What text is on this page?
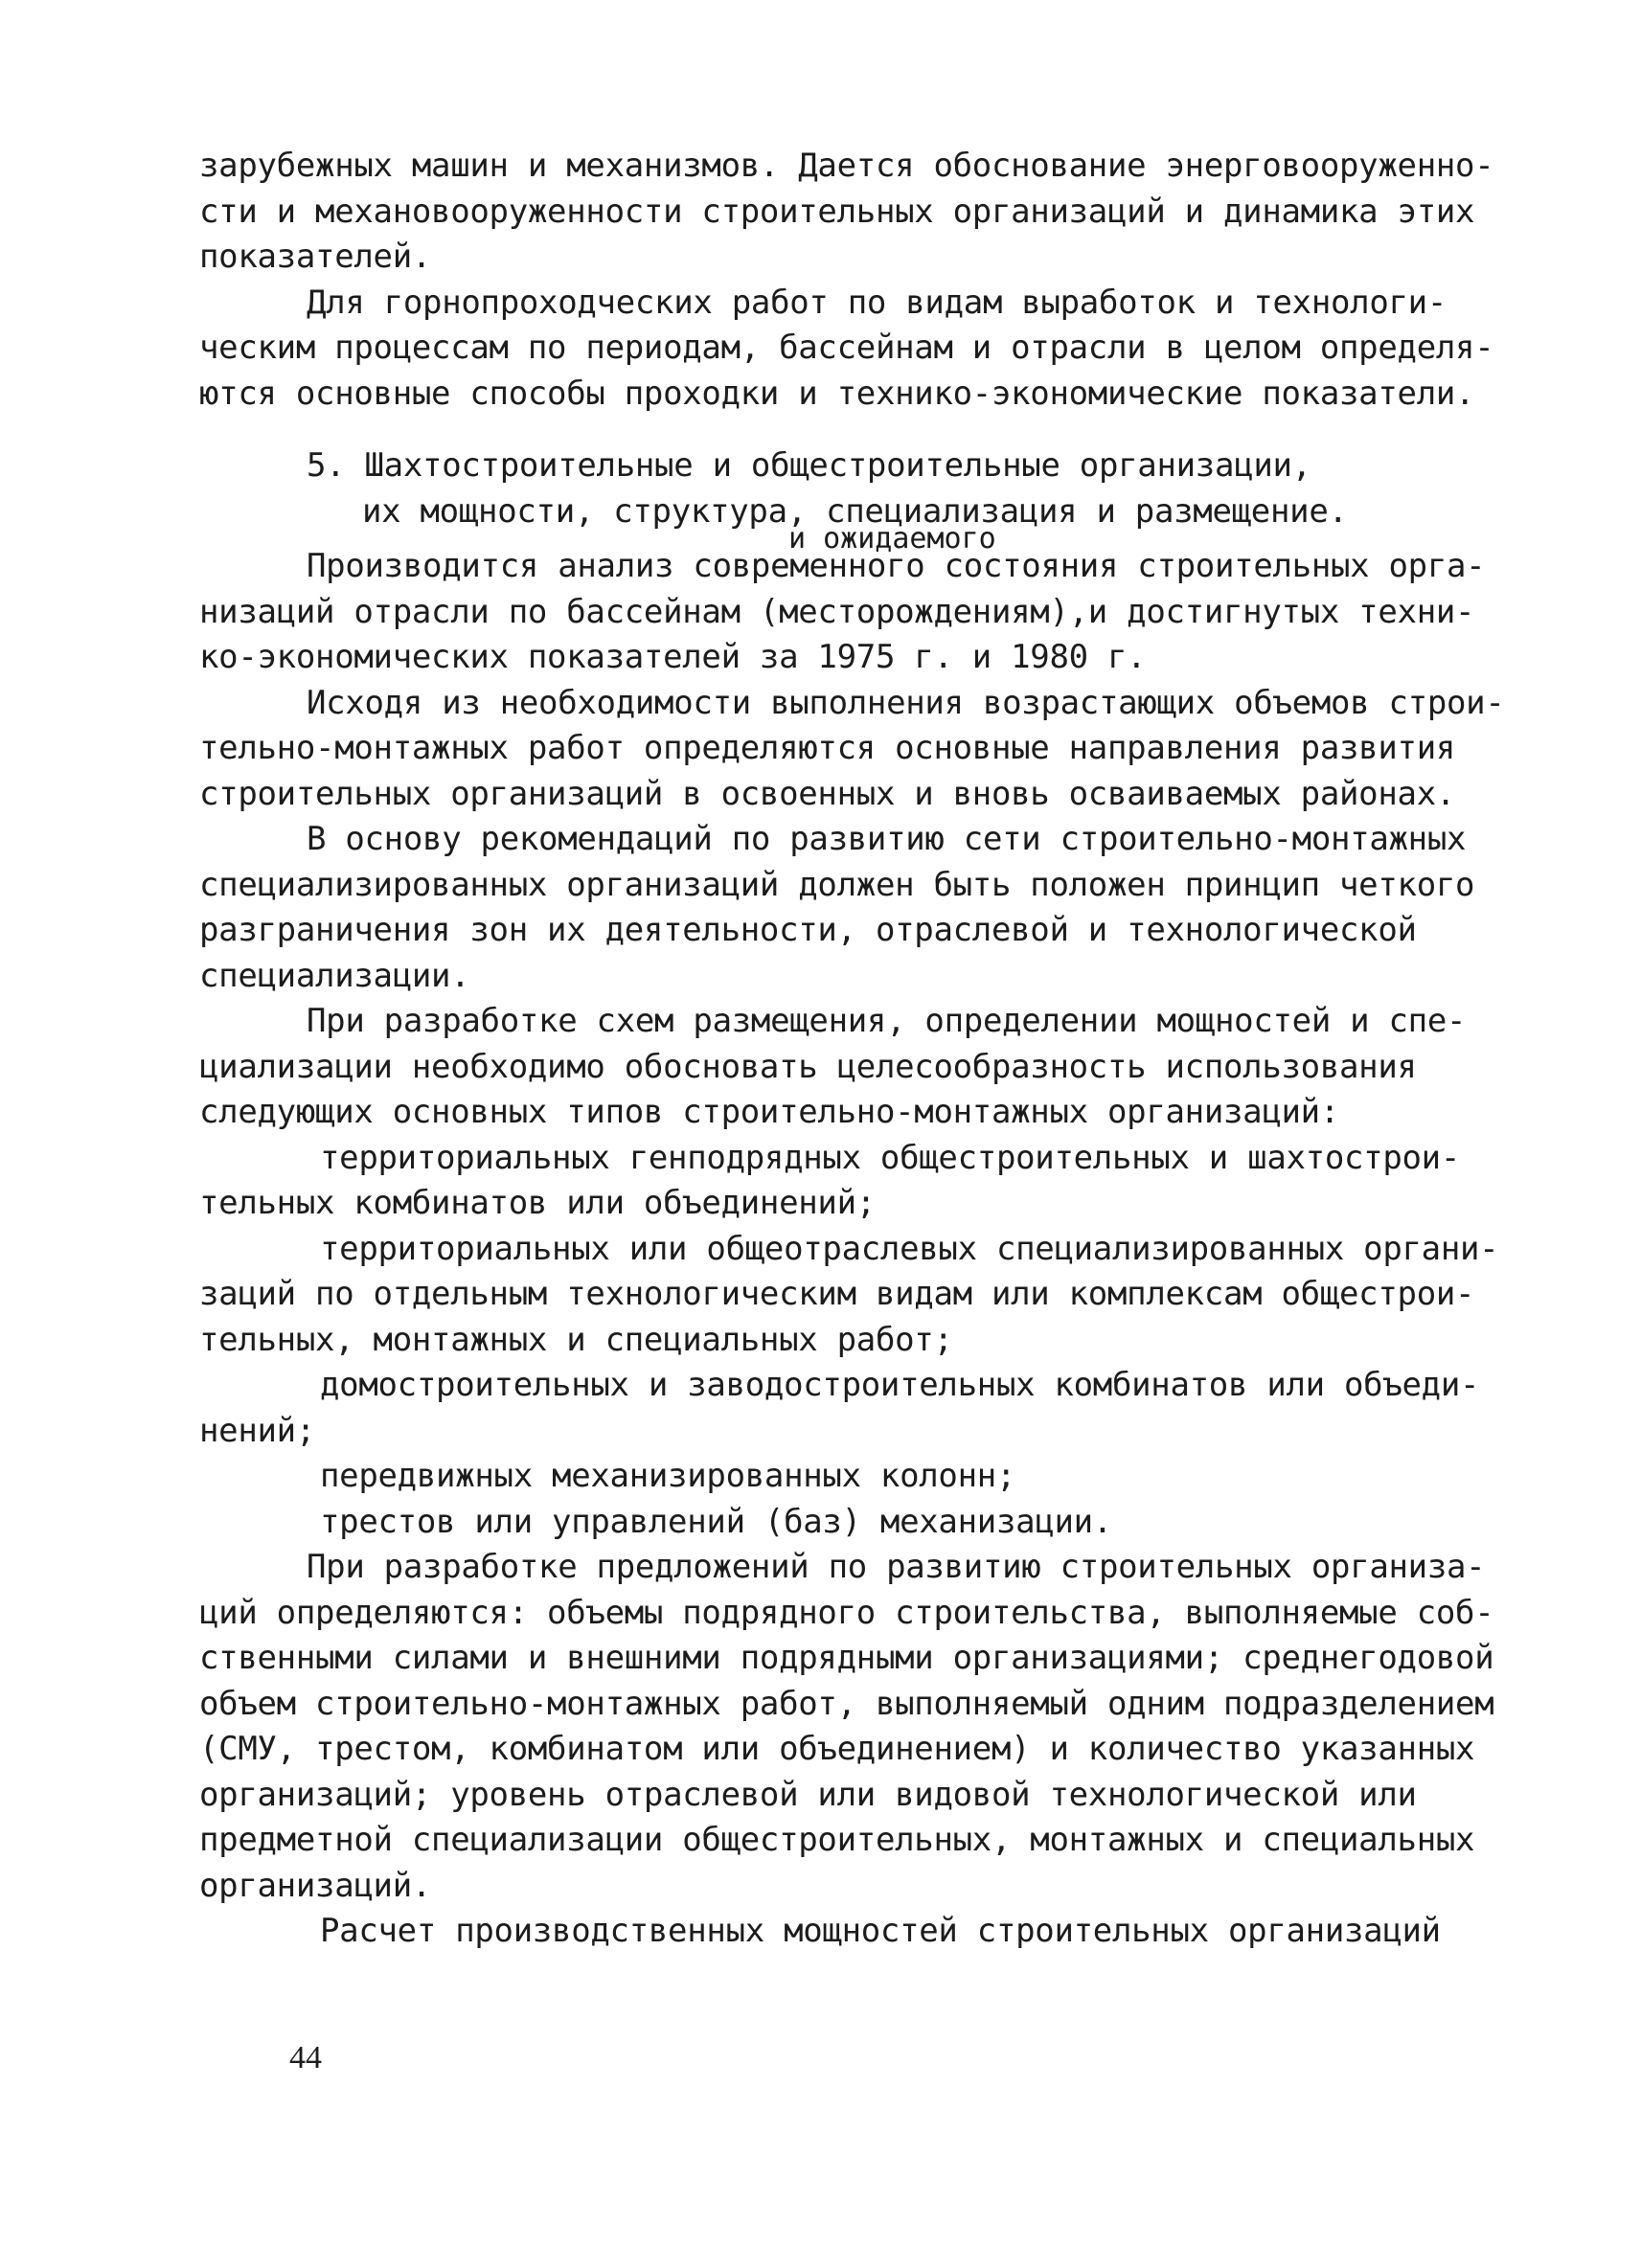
зарубежных машин и механизмов. Дается обоснование энерговооруженно-
сти и механовооруженности строительных организаций и динамика этих
показателей.
Для горнопроходческих работ по видам выработок и технологи-
ческим процессам по периодам, бассейнам и отрасли в целом определя-
ются основные способы проходки и технико-экономические показатели.
5. Шахтостроительные и общестроительные организации,
их мощности, структура, специализация и размещение.
и ожидаемого
Производится анализ современного состояния строительных орга-
низаций отрасли по бассейнам (месторождениям),и достигнутых техни-
ко-экономических показателей за 1975 г. и 1980 г.
Исходя из необходимости выполнения возрастающих объемов строи-
тельно-монтажных работ определяются основные направления развития
строительных организаций в освоенных и вновь осваиваемых районах.
В основу рекомендаций по развитию сети строительно-монтажных
специализированных организаций должен быть положен принцип четкого
разграничения зон их деятельности, отраслевой и технологической
специализации.
При разработке схем размещения, определении мощностей и спе-
циализации необходимо обосновать целесообразность использования
следующих основных типов строительно-монтажных организаций:
территориальных генподрядных общестроительных и шахтострои-
тельных комбинатов или объединений;
территориальных или общеотраслевых специализированных органи-
заций по отдельным технологическим видам или комплексам общестрои-
тельных, монтажных и специальных работ;
домостроительных и заводостроительных комбинатов или объеди-
нений;
передвижных механизированных колонн;
трестов или управлений (баз) механизации.
При разработке предложений по развитию строительных организа-
ций определяются: объемы подрядного строительства, выполняемые соб-
ственными силами и внешними подрядными организациями; среднегодовой
объем строительно-монтажных работ, выполняемый одним подразделением
(СМУ, трестом, комбинатом или объединением) и количество указанных
организаций; уровень отраслевой или видовой технологической или
предметной специализации общестроительных, монтажных и специальных
организаций.
Расчет производственных мощностей строительных организаций
44
